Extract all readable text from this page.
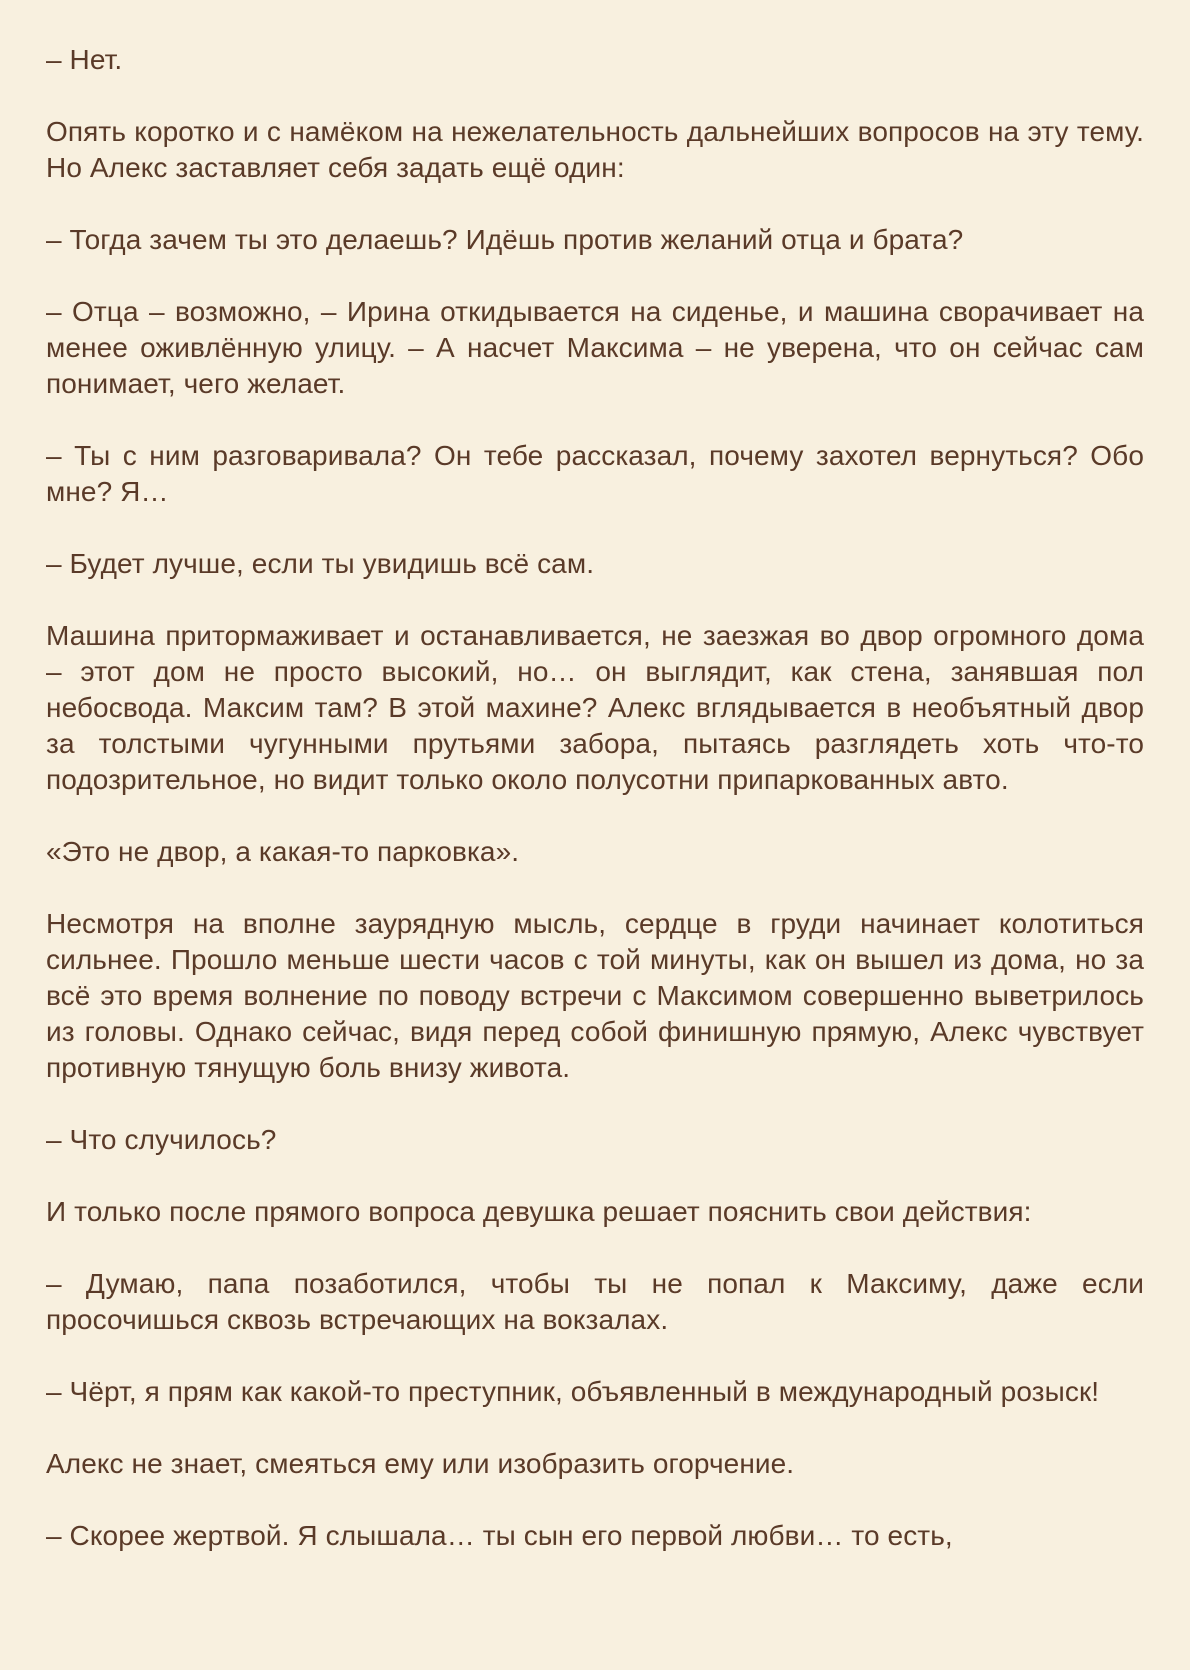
– Нет.

Опять коротко и с намёком на нежелательность дальнейших вопросов на эту тему. Но Алекс заставляет себя задать ещё один:

– Тогда зачем ты это делаешь? Идёшь против желаний отца и брата?

– Отца – возможно, – Ирина откидывается на сиденье, и машина сворачивает на менее оживлённую улицу. – А насчет Максима – не уверена, что он сейчас сам понимает, чего желает.

– Ты с ним разговаривала? Он тебе рассказал, почему захотел вернуться? Обо мне? Я…

– Будет лучше, если ты увидишь всё сам.

Машина притормаживает и останавливается, не заезжая во двор огромного дома – этот дом не просто высокий, но… он выглядит, как стена, занявшая пол небосвода. Максим там? В этой махине? Алекс вглядывается в необъятный двор за толстыми чугунными прутьями забора, пытаясь разглядеть хоть что-то подозрительное, но видит только около полусотни припаркованных авто.

«Это не двор, а какая-то парковка».

Несмотря на вполне заурядную мысль, сердце в груди начинает колотиться сильнее. Прошло меньше шести часов с той минуты, как он вышел из дома, но за всё это время волнение по поводу встречи с Максимом совершенно выветрилось из головы. Однако сейчас, видя перед собой финишную прямую, Алекс чувствует противную тянущую боль внизу живота.

– Что случилось?

И только после прямого вопроса девушка решает пояснить свои действия:

– Думаю, папа позаботился, чтобы ты не попал к Максиму, даже если просочишься сквозь встречающих на вокзалах.

– Чёрт, я прям как какой-то преступник, объявленный в международный розыск!

Алекс не знает, смеяться ему или изобразить огорчение.

– Скорее жертвой. Я слышала… ты сын его первой любви… то есть,
